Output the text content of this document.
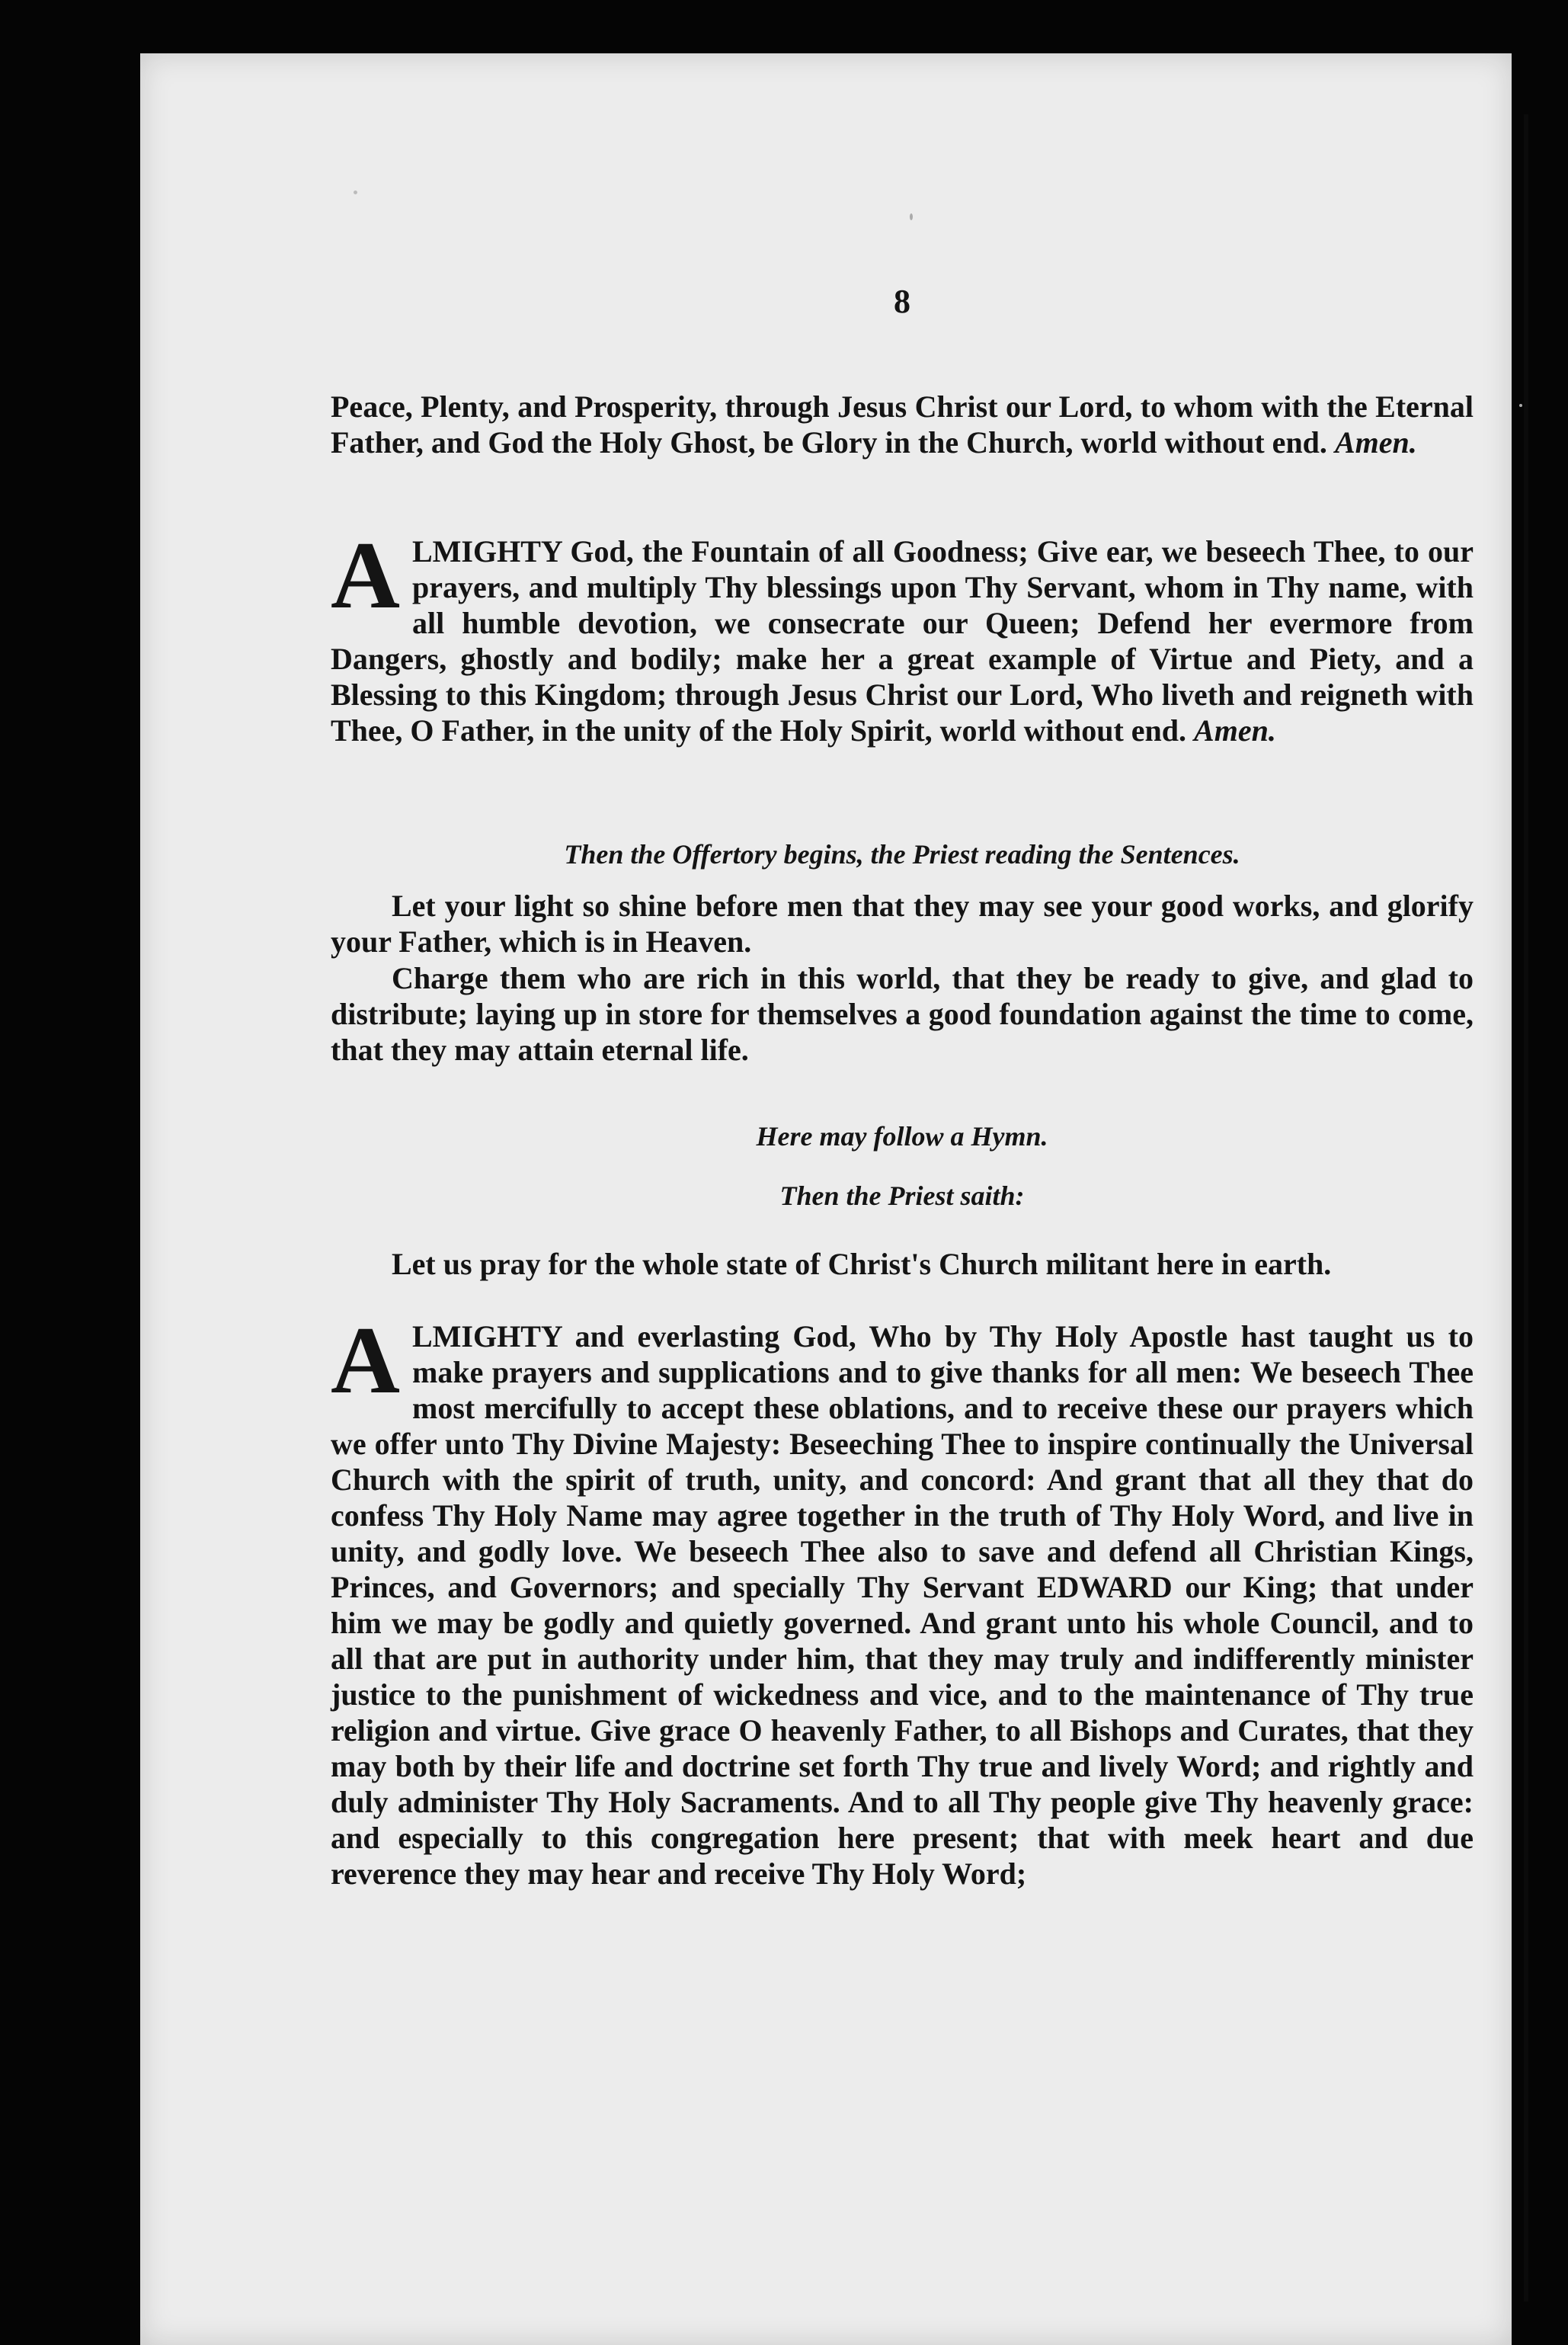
8

Peace, Plenty, and Prosperity, through Jesus Christ our Lord, to whom with the Eternal Father, and God the Holy Ghost, be Glory in the Church, world without end. Amen.

ALMIGHTY God, the Fountain of all Goodness; Give ear, we beseech Thee, to our prayers, and multiply Thy blessings upon Thy Servant, whom in Thy name, with all humble devotion, we consecrate our Queen; Defend her evermore from Dangers, ghostly and bodily; make her a great example of Virtue and Piety, and a Blessing to this Kingdom; through Jesus Christ our Lord, Who liveth and reigneth with Thee, O Father, in the unity of the Holy Spirit, world without end. Amen.

Then the Offertory begins, the Priest reading the Sentences.

Let your light so shine before men that they may see your good works, and glorify your Father, which is in Heaven.

Charge them who are rich in this world, that they be ready to give, and glad to distribute; laying up in store for themselves a good foundation against the time to come, that they may attain eternal life.

Here may follow a Hymn.

Then the Priest saith:

Let us pray for the whole state of Christ's Church militant here in earth.

ALMIGHTY and everlasting God, Who by Thy Holy Apostle hast taught us to make prayers and supplications and to give thanks for all men: We beseech Thee most mercifully to accept these oblations, and to receive these our prayers which we offer unto Thy Divine Majesty: Beseeching Thee to inspire continually the Universal Church with the spirit of truth, unity, and concord: And grant that all they that do confess Thy Holy Name may agree together in the truth of Thy Holy Word, and live in unity, and godly love. We beseech Thee also to save and defend all Christian Kings, Princes, and Governors; and specially Thy Servant EDWARD our King; that under him we may be godly and quietly governed. And grant unto his whole Council, and to all that are put in authority under him, that they may truly and indifferently minister justice to the punishment of wickedness and vice, and to the maintenance of Thy true religion and virtue. Give grace O heavenly Father, to all Bishops and Curates, that they may both by their life and doctrine set forth Thy true and lively Word; and rightly and duly administer Thy Holy Sacraments. And to all Thy people give Thy heavenly grace: and especially to this congregation here present; that with meek heart and due reverence they may hear and receive Thy Holy Word;
